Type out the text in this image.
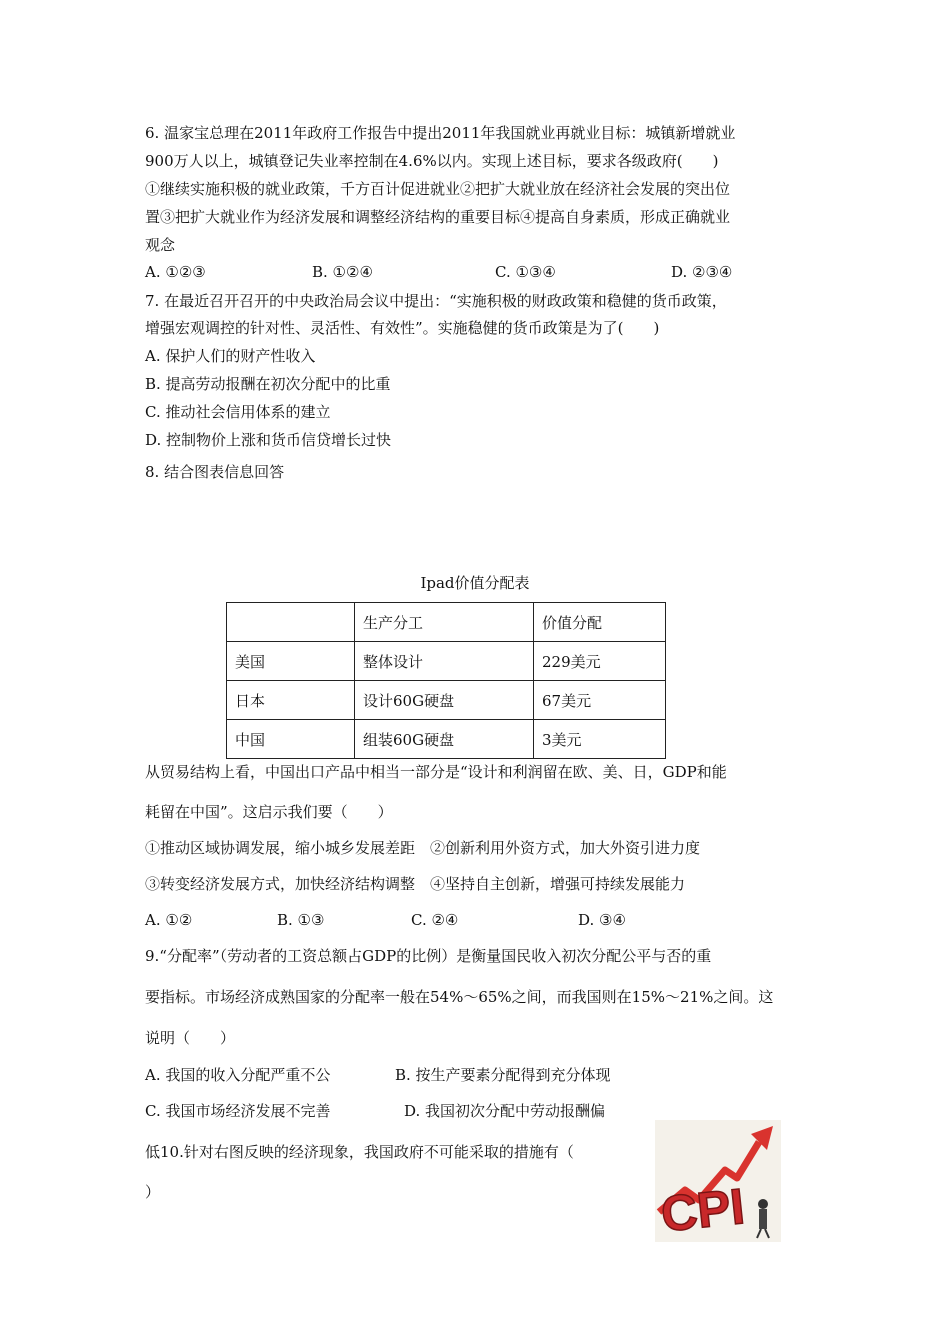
6. 温家宝总理在2011年政府工作报告中提出2011年我国就业再就业目标：城镇新增就业
900万人以上，城镇登记失业率控制在4.6%以内。实现上述目标，要求各级政府(　　)
①继续实施积极的就业政策，千方百计促进就业②把扩大就业放在经济社会发展的突出位
置③把扩大就业作为经济发展和调整经济结构的重要目标④提高自身素质，形成正确就业
观念
A. ①②③	B. ①②④	C. ①③④	D. ②③④
7. 在最近召开召开的中央政治局会议中提出：“实施积极的财政政策和稳健的货币政策，
增强宏观调控的针对性、灵活性、有效性”。实施稳健的货币政策是为了(　　)
A. 保护人们的财产性收入
B. 提高劳动报酬在初次分配中的比重
C. 推动社会信用体系的建立
D. 控制物价上涨和货币信贷增长过快
8. 结合图表信息回答
Ipad价值分配表
	生产分工	价值分配
美国	整体设计	229美元
日本	设计60G硬盘	67美元
中国	组装60G硬盘	3美元
从贸易结构上看，中国出口产品中相当一部分是“设计和利润留在欧、美、日，GDP和能
耗留在中国”。这启示我们要（　　）
①推动区域协调发展，缩小城乡发展差距　②创新利用外资方式，加大外资引进力度
③转变经济发展方式，加快经济结构调整　④坚持自主创新，增强可持续发展能力
A. ①②	B. ①③	C. ②④	D. ③④
9.“分配率”（劳动者的工资总额占GDP的比例）是衡量国民收入初次分配公平与否的重
要指标。市场经济成熟国家的分配率一般在54%～65%之间，而我国则在15%～21%之间。这
说明（　　）
A. 我国的收入分配严重不公	B. 按生产要素分配得到充分体现
C. 我国市场经济发展不完善	D. 我国初次分配中劳动报酬偏
低10.针对右图反映的经济现象，我国政府不可能采取的措施有（
）	CPI
